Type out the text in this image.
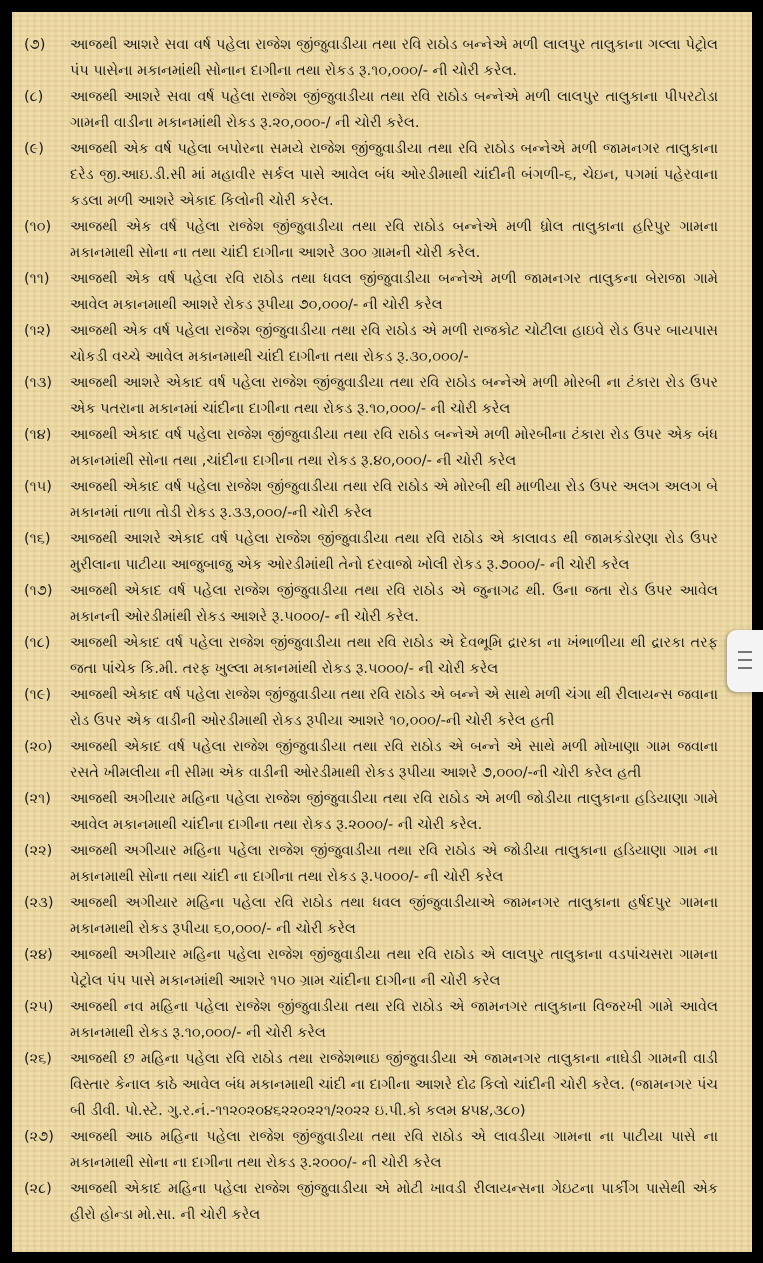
(૭)	આજથી આશરે સવા વર્ષ પહેલા રાજેશ જીંજુવાડીયા તથા રવિ રાઠોડ બન્નેએ મળી લાલપુર તાલુકાના ગલ્લા પેટ્રોલ પંપ પાસેના મકાનમાંથી સોનાન દાગીના તથા રોકડ રૂ.૧૦,૦૦૦/- ની ચોરી કરેલ.
(૮)	આજથી આશરે સવા વર્ષ પહેલા રાજેશ જીંજુવાડીયા તથા રવિ રાઠોડ બન્નેએ મળી લાલપુર તાલુકાના પીપરટોડા ગામની વાડીના મકાનમાંથી રોકડ રૂ.૨૦,૦૦૦-/ ની ચોરી કરેલ.
(૯)	આજથી એક વર્ષ પહેલા બપોરના સમયે રાજેશ જીંજુવાડીયા તથા રવિ રાઠોડ બન્નેએ મળી જામનગર તાલુકાના દરેડ જી.આઇ.ડી.સી માં મહાવીર સર્કલ પાસે આવેલ બંધ ઓરડીમાથી ચાંદીની બંગળી-૬, ચેઇન, પગમાં પહેરવાના કડલા મળી આશરે એકાદ કિલોની ચોરી કરેલ.
(૧૦)	આજથી એક વર્ષ પહેલા રાજેશ જીંજુવાડીયા તથા રવિ રાઠોડ બન્નેએ મળી ધ્રોલ તાલુકાના હરિપુર ગામના મકાનમાથી સોના ના તથા ચાંદી દાગીના આશરે ૩૦૦ ગ્રામની ચોરી કરેલ.
(૧૧)	આજથી એક વર્ષ પહેલા રવિ રાઠોડ તથા ધવલ જીંજુવાડીયા બન્નેએ મળી જામનગર તાલુકના બેરાજા ગામે આવેલ મકાનમાથી આશરે રોકડ રૂપીયા ૭૦,૦૦૦/- ની ચોરી કરેલ
(૧૨)	આજથી એક વર્ષ પહેલા રાજેશ જીંજુવાડીયા તથા રવિ રાઠોડ એ મળી રાજકોટ ચોટીલા હાઇવે રોડ ઉપર બાયપાસ ચોકડી વચ્ચે આવેલ મકાનમાથી ચાંદી દાગીના તથા રોકડ રૂ.૩૦,૦૦૦/-
(૧૩)	આજથી આશરે એકાદ વર્ષ પહેલા રાજેશ જીંજુવાડીયા તથા રવિ રાઠોડ બન્નેએ મળી મોરબી ના ટંકારા રોડ ઉપર એક પતરાના મકાનમાં ચાંદીના દાગીના તથા રોકડ રૂ.૧૦,૦૦૦/- ની ચોરી કરેલ
(૧૪)	આજથી એકાદ વર્ષ પહેલા રાજેશ જીંજુવાડીયા તથા રવિ રાઠોડ બન્નેએ મળી મોરબીના ટંકારા રોડ ઉપર એક બંધ મકાનમાંથી સોના તથા ,ચાંદીના દાગીના તથા રોકડ રૂ.૪૦,૦૦૦/- ની ચોરી કરેલ
(૧૫)	આજથી એકાદ વર્ષ પહેલા રાજેશ જીંજુવાડીયા તથા રવિ રાઠોડ એ મોરબી થી માળીયા રોડ ઉપર અલગ અલગ બે મકાનમાં તાળા તોડી રોકડ રૂ.૩૩,૦૦૦/-ની ચોરી કરેલ
(૧૬)	આજથી આશરે એકાદ વર્ષ પહેલા રાજેશ જીંજુવાડીયા તથા રવિ રાઠોડ એ કાલાવડ થી જામકંડોરણા રોડ ઉપર મુરીલાના પાટીયા આજુબાજુ એક ઓરડીમાંથી તેનો દરવાજો ખોલી રોકડ રૂ.૭૦૦૦/- ની ચોરી કરેલ
(૧૭)	આજથી એકાદ વર્ષ પહેલા રાજેશ જીંજુવાડીયા તથા રવિ રાઠોડ એ જુનાગઢ થી. ઉના જતા રોડ ઉપર આવેલ મકાનની ઓરડીમાંથી રોકડ આશરે રૂ.૫૦૦૦/- ની ચોરી કરેલ.
(૧૮)	આજથી એકાદ વર્ષ પહેલા રાજેશ જીંજુવાડીયા તથા રવિ રાઠોડ એ દેવભૂમિ દ્રારકા ના ખંભાળીયા થી દ્રારકા તરફ જતા પાંચેક કિ.મી. તરફ ખુલ્લા મકાનમાંથી રોકડ રૂ.૫૦૦૦/- ની ચોરી કરેલ
(૧૯)	આજથી એકાદ વર્ષ પહેલા રાજેશ જીંજુવાડીયા તથા રવિ રાઠોડ એ બન્ને એ સાથે મળી ચંગા થી રીલાયન્સ જવાના રોડ ઉપર એક વાડીની ઓરડીમાથી રોકડ રૂપીયા આશરે ૧૦,૦૦૦/-ની ચોરી કરેલ હતી
(૨૦)	આજથી એકાદ વર્ષ પહેલા રાજેશ જીંજુવાડીયા તથા રવિ રાઠોડ એ બન્ને એ સાથે મળી મોખાણા ગામ જવાના રસતે ખીમલીયા ની સીમા એક વાડીની ઓરડીમાથી રોકડ રૂપીયા આશરે ૭,૦૦૦/-ની ચોરી કરેલ હતી
(૨૧)	આજથી અગીયાર મહિના પહેલા રાજેશ જીંજુવાડીયા તથા રવિ રાઠોડ એ મળી જોડીયા તાલુકાના હડિયાણા ગામે આવેલ મકાનમાથી ચાંદીના દાગીના તથા રોકડ રૂ.૨૦૦૦/- ની ચોરી કરેલ.
(૨૨)	આજથી અગીયાર મહિના પહેલા રાજેશ જીંજુવાડીયા તથા રવિ રાઠોડ એ જોડીયા તાલુકાના હડિયાણા ગામ ના મકાનમાથી સોના તથા ચાંદી ના દાગીના તથા રોકડ રૂ.૫૦૦૦/- ની ચોરી કરેલ
(૨૩)	આજથી અગીયાર મહિના પહેલા રવિ રાઠોડ તથા ધવલ જીંજુવાડીયાએ જામનગર તાલુકાના હર્ષદપુર ગામના મકાનમાથી રોકડ રૂપીયા ૬૦,૦૦૦/- ની ચોરી કરેલ
(૨૪)	આજથી અગીયાર મહિના પહેલા રાજેશ જીંજુવાડીયા તથા રવિ રાઠોડ એ લાલપુર તાલુકાના વડપાંચસરા ગામના પેટ્રોલ પંપ પાસે મકાનમાંથી આશરે ૧૫૦ ગ્રામ ચાંદીના દાગીના ની ચોરી કરેલ
(૨૫)	આજથી નવ મહિના પહેલા રાજેશ જીંજુવાડીયા તથા રવિ રાઠોડ એ જામનગર તાલુકાના વિજરખી ગામે આવેલ મકાનમાથી રોકડ રૂ.૧૦,૦૦૦/- ની ચોરી કરેલ
(૨૬)	આજથી છ મહિના પહેલા રવિ રાઠોડ તથા રાજેશભાઇ જીંજુવાડીયા એ જામનગર તાલુકાના નાઘેડી ગામની વાડી વિસ્તાર કેનાલ કાઠે આવેલ બંધ મકાનમાથી ચાંદી ના દાગીના આશરે દોઢ કિલો ચાંદીની ચોરી કરેલ. (જામનગર પંચ બી ડીવી. પો.સ્ટે. ગુ.ર.નં.-૧૧૨૦૨૦૪૬૨૨૦૨૨૧/૨૦૨૨ ઇ.પી.કો કલમ ૪૫૪,૩૮૦)
(૨૭)	આજથી આઠ મહિના પહેલા રાજેશ જીંજુવાડીયા તથા રવિ રાઠોડ એ લાવડીયા ગામના ના પાટીયા પાસે ના મકાનમાથી સોના ના દાગીના તથા રોકડ રૂ.૨૦૦૦/- ની ચોરી કરેલ
(૨૮)	આજથી એકાદ મહિના પહેલા રાજેશ જીંજુવાડીયા એ મોટી ખાવડી રીલાયન્સના ગેઇટના પાર્કીગ પાસેથી એક હીરો હોન્ડા મો.સા. ની ચોરી કરેલ
